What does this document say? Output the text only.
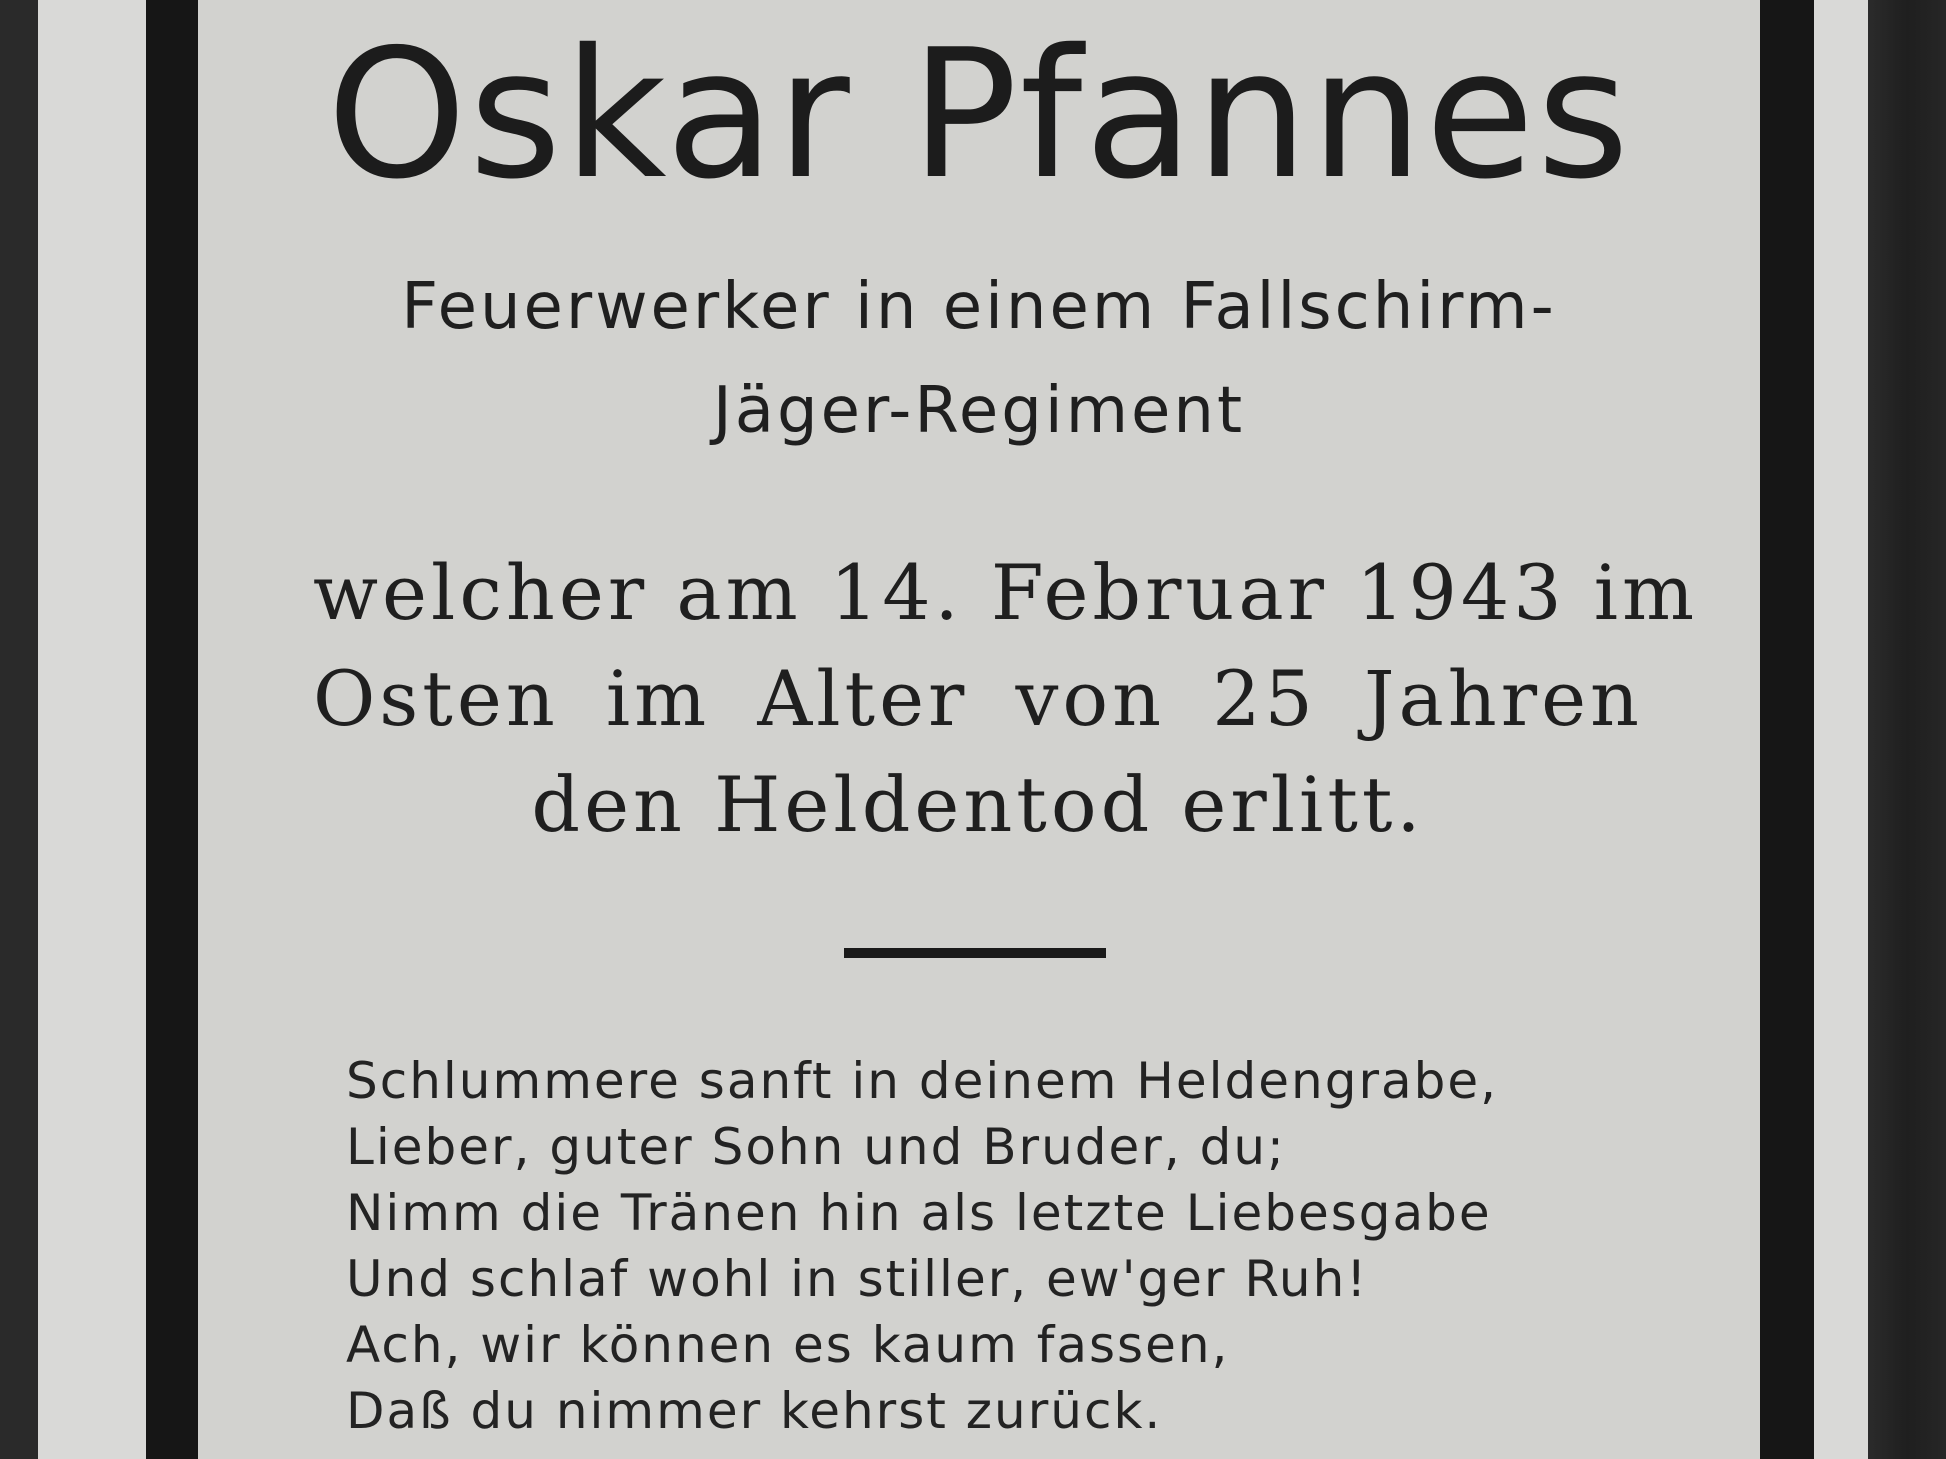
Oskar Pfannes
Feuerwerker in einem Fallschirm-
Jäger-Regiment
welcher am 14. Februar 1943 im
Osten im Alter von 25 Jahren
den Heldentod erlitt.
Schlummere sanft in deinem Heldengrabe,
Lieber, guter Sohn und Bruder, du;
Nimm die Tränen hin als letzte Liebesgabe
Und schlaf wohl in stiller, ew'ger Ruh!
Ach, wir können es kaum fassen,
Daß du nimmer kehrst zurück.
